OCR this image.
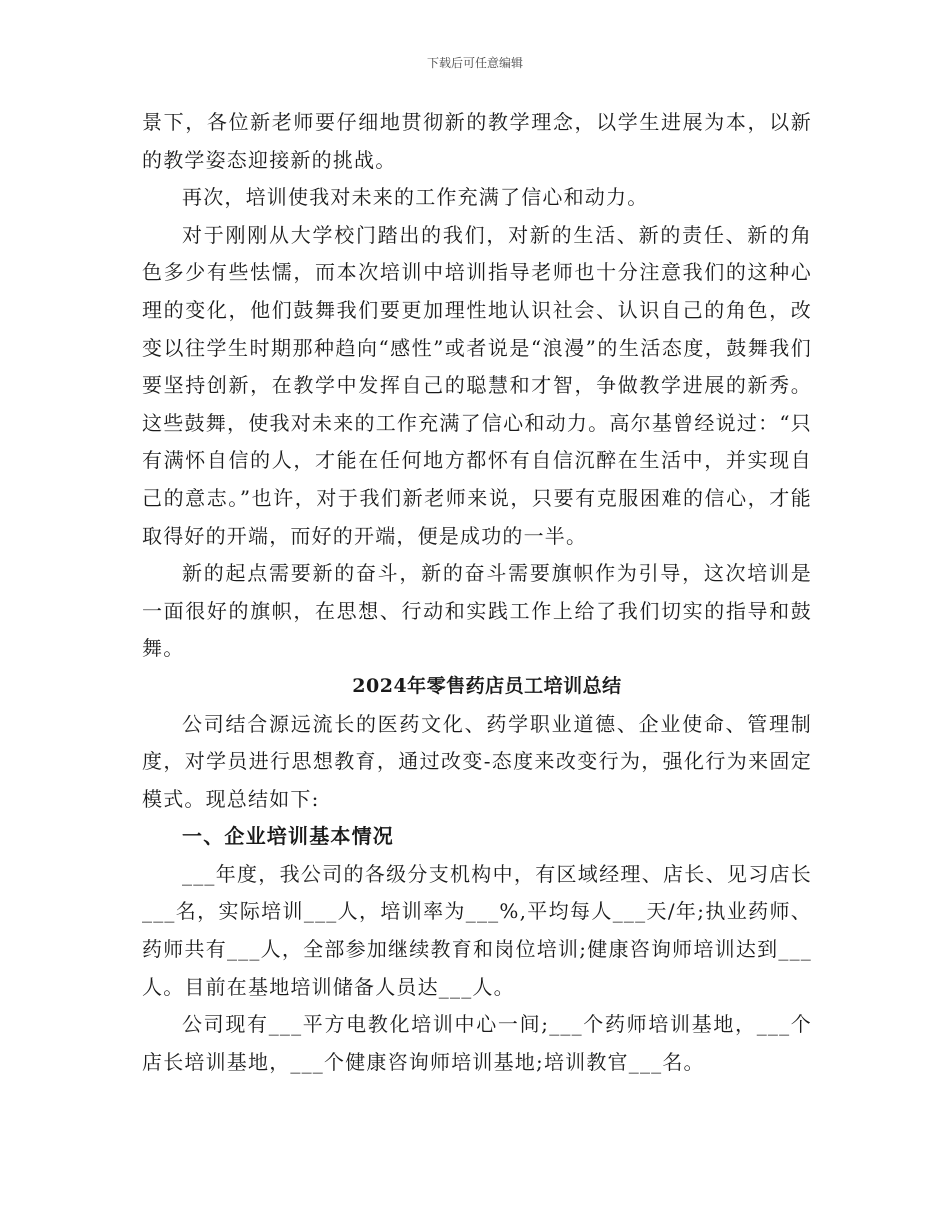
下载后可任意编辑

景下，各位新老师要仔细地贯彻新的教学理念，以学生进展为本，以新的教学姿态迎接新的挑战。

再次，培训使我对未来的工作充满了信心和动力。

对于刚刚从大学校门踏出的我们，对新的生活、新的责任、新的角色多少有些怯懦，而本次培训中培训指导老师也十分注意我们的这种心理的变化，他们鼓舞我们要更加理性地认识社会、认识自己的角色，改变以往学生时期那种趋向“感性”或者说是“浪漫”的生活态度，鼓舞我们要坚持创新，在教学中发挥自己的聪慧和才智，争做教学进展的新秀。这些鼓舞，使我对未来的工作充满了信心和动力。高尔基曾经说过：“只有满怀自信的人，才能在任何地方都怀有自信沉醉在生活中，并实现自己的意志。”也许，对于我们新老师来说，只要有克服困难的信心，才能取得好的开端，而好的开端，便是成功的一半。

新的起点需要新的奋斗，新的奋斗需要旗帜作为引导，这次培训是一面很好的旗帜，在思想、行动和实践工作上给了我们切实的指导和鼓舞。

2024年零售药店员工培训总结

公司结合源远流长的医药文化、药学职业道德、企业使命、管理制度，对学员进行思想教育，通过改变-态度来改变行为，强化行为来固定模式。现总结如下:

一、企业培训基本情况

___年度，我公司的各级分支机构中，有区域经理、店长、见习店长___名，实际培训___人，培训率为___%,平均每人___天/年;执业药师、药师共有___人，全部参加继续教育和岗位培训;健康咨询师培训达到___人。目前在基地培训储备人员达___人。

公司现有___平方电教化培训中心一间;___个药师培训基地，___个店长培训基地，___个健康咨询师培训基地;培训教官___名。
